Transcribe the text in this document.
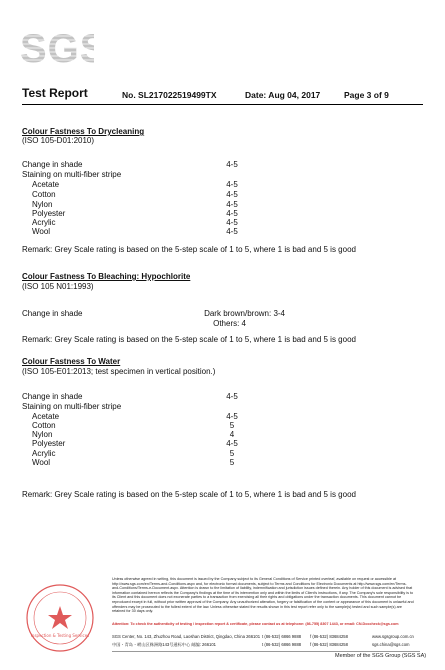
SG
SG
Test Report	No. SL217022519499TX	Date: Aug 04, 2017	Page 3 of 9
Colour Fastness To Drycleaning
(ISO 105-D01:2010)
Change in shade	4-5
Staining on multi-fiber stripe
Acetate	4-5
Cotton	4-5
Nylon	4-5
Polyester	4-5
Acrylic	4-5
Wool	4-5
Remark: Grey Scale rating is based on the 5-step scale of 1 to 5, where 1 is bad and 5 is good
Colour Fastness To Bleaching: Hypochlorite
(ISO 105 N01:1993)
Change in shade	Dark brown/brown: 3-4
Others: 4
Remark: Grey Scale rating is based on the 5-step scale of 1 to 5, where 1 is bad and 5 is good
Colour Fastness To Water
(ISO 105-E01:2013; test specimen in vertical position.)
Change in shade	4-5
Staining on multi-fiber stripe
Acetate	4-5
Cotton	5
Nylon	4
Polyester	4-5
Acrylic	5
Wool	5
Remark: Grey Scale rating is based on the 5-step scale of 1 to 5, where 1 is bad and 5 is good
Inspection & Testing Services
Unless otherwise agreed in writing, this document is issued by the Company subject to its General Conditions of Service printed overleaf, available on request or accessible at http://www.sgs.com/en/Terms-and-Conditions.aspx and, for electronic format documents, subject to Terms and Conditions for Electronic Documents at http://www.sgs.com/en/Terms-and-Conditions/Terms-e-Document.aspx. Attention is drawn to the limitation of liability, indemnification and jurisdiction issues defined therein. Any holder of this document is advised that information contained hereon reflects the Company's findings at the time of its intervention only and within the limits of Client's instructions, if any. The Company's sole responsibility is to its Client and this document does not exonerate parties to a transaction from exercising all their rights and obligations under the transaction documents. This document cannot be reproduced except in full, without prior written approval of the Company. Any unauthorized alteration, forgery or falsification of the content or appearance of this document is unlawful and offenders may be prosecuted to the fullest extent of the law. Unless otherwise stated the results shown in this test report refer only to the sample(s) tested and such sample(s) are retained for 30 days only.
Attention: To check the authenticity of testing / inspection report & certificate, please contact us at telephone: (86-755) 8307 1443, or email: CN.Doccheck@sgs.com
SGS Center, No. 143, Zhuzhou Road, Laoshan District, Qingdao, China 266101 t (86-532) 6866 9888 f (86-532) 83684258	www.sgsgroup.com.cn
中国・青岛・崂山区株洲路143号通标中心 邮编: 266101	t (86-532) 6866 9888 f (86-532) 83684258	sgs.china@sgs.com
Member of the SGS Group (SGS SA)
